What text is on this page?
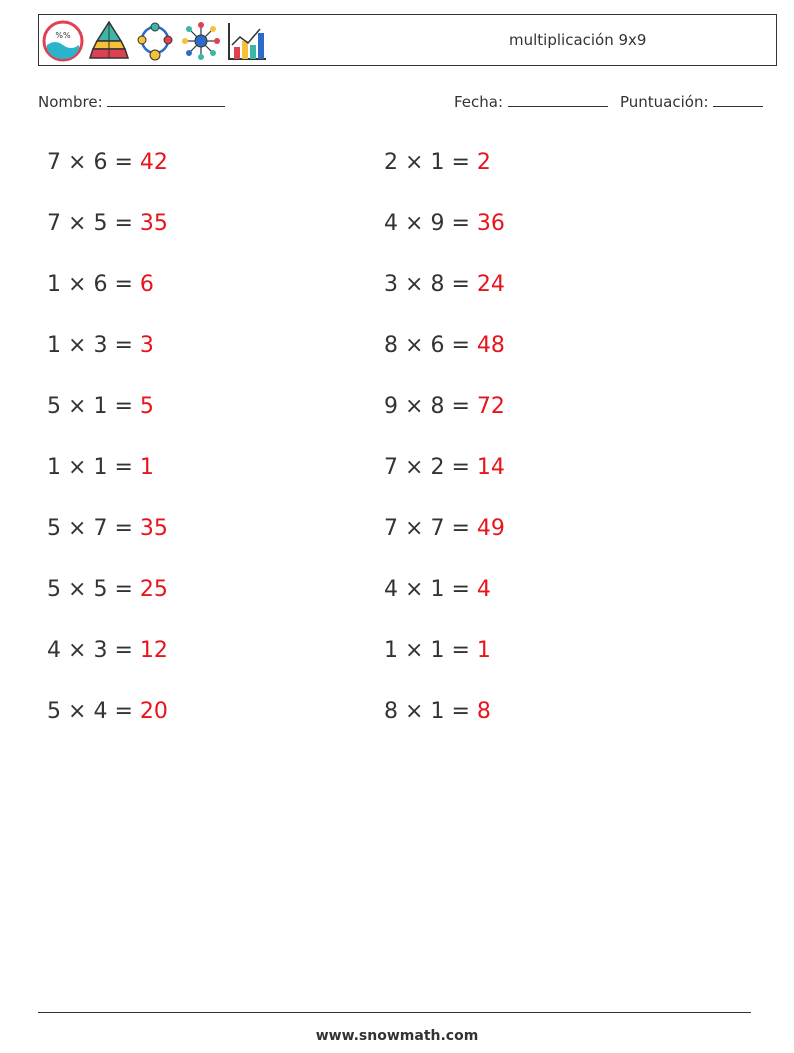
%%	multiplicación 9x9
Nombre:	Fecha:	Puntuación:
7 × 6 = 42
7 × 5 = 35
1 × 6 = 6
1 × 3 = 3
5 × 1 = 5
1 × 1 = 1
5 × 7 = 35
5 × 5 = 25
4 × 3 = 12
5 × 4 = 20
2 × 1 = 2
4 × 9 = 36
3 × 8 = 24
8 × 6 = 48
9 × 8 = 72
7 × 2 = 14
7 × 7 = 49
4 × 1 = 4
1 × 1 = 1
8 × 1 = 8
www.snowmath.com
